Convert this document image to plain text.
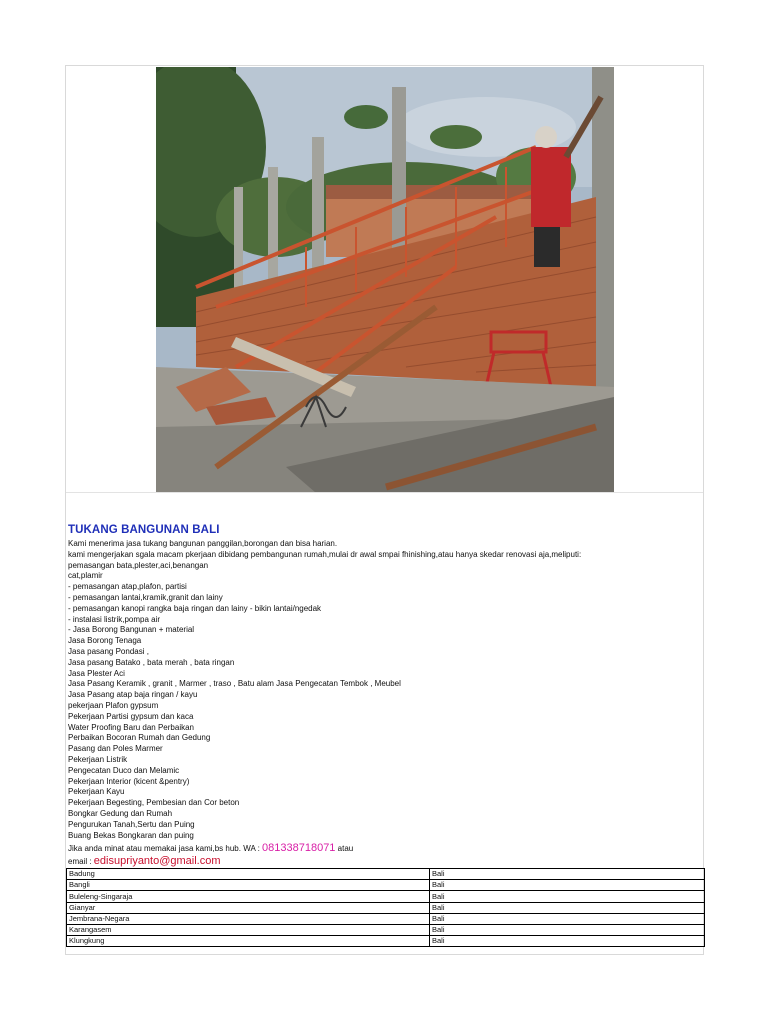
TUKANG BANGUNAN BALI
Kami menerima jasa tukang bangunan panggilan,borongan dan bisa harian.
kami mengerjakan sgala macam pkerjaan dibidang pembangunan rumah,mulai dr awal smpai fhinishing,atau hanya skedar renovasi aja,meliputi:
pemasangan bata,plester,aci,benangan
cat,plamir
- pemasangan atap,plafon, partisi
- pemasangan lantai,kramik,granit dan lainy
- pemasangan kanopi rangka baja ringan dan lainy - bikin lantai/ngedak
- instalasi listrik,pompa air
- Jasa Borong Bangunan + material
Jasa Borong Tenaga
Jasa pasang Pondasi ,
Jasa pasang Batako , bata merah , bata ringan
Jasa Plester Aci
Jasa Pasang Keramik , granit , Marmer , traso , Batu alam Jasa Pengecatan Tembok , Meubel
Jasa Pasang atap baja ringan / kayu
pekerjaan Plafon gypsum
Pekerjaan Partisi gypsum dan kaca
Water Proofing Baru dan Perbaikan
Perbaikan Bocoran Rumah dan Gedung
Pasang dan Poles Marmer
Pekerjaan Listrik
Pengecatan Duco dan Melamic
Pekerjaan Interior (kicent &pentry)
Pekerjaan Kayu
Pekerjaan Begesting, Pembesian dan Cor beton
Bongkar Gedung dan Rumah
Pengurukan Tanah,Sertu dan Puing
Buang Bekas Bongkaran dan puing
Jika anda minat atau memakai jasa kami,bs hub. WA : 081338718071 atau
email : edisupriyanto@gmail.com
Badung	Bali
Bangli	Bali
Buleleng-Singaraja	Bali
Gianyar	Bali
Jembrana-Negara	Bali
Karangasem	Bali
Klungkung	Bali
